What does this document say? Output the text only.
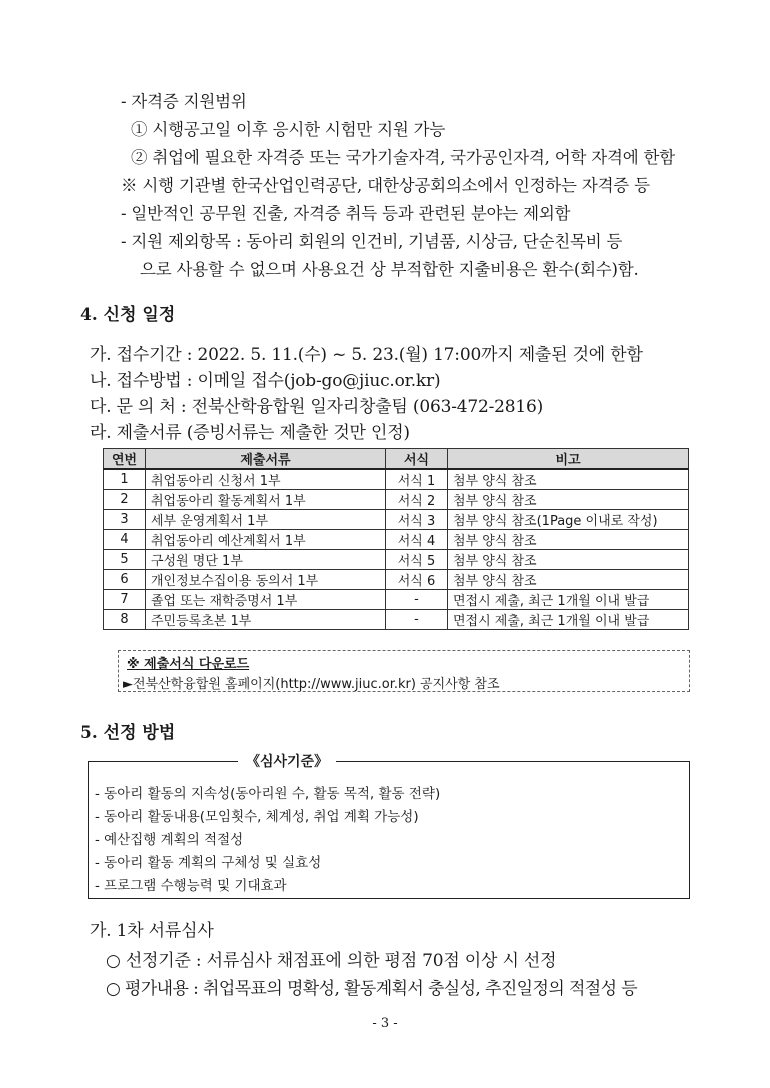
- 자격증 지원범위
① 시행공고일 이후 응시한 시험만 지원 가능
② 취업에 필요한 자격증 또는 국가기술자격, 국가공인자격, 어학 자격에 한함
※ 시행 기관별 한국산업인력공단, 대한상공회의소에서 인정하는 자격증 등
- 일반적인 공무원 진출, 자격증 취득 등과 관련된 분야는 제외함
- 지원 제외항목 : 동아리 회원의 인건비, 기념품, 시상금, 단순친목비 등
으로 사용할 수 없으며 사용요건 상 부적합한 지출비용은 환수(회수)함.
4. 신청 일정
가. 접수기간 : 2022. 5. 11.(수) ~ 5. 23.(월) 17:00까지 제출된 것에 한함
나. 접수방법 : 이메일 접수(job-go@jiuc.or.kr)
다. 문 의 처 : 전북산학융합원 일자리창출팀 (063-472-2816)
라. 제출서류 (증빙서류는 제출한 것만 인정)
연번	제출서류	서식	비고
1	취업동아리 신청서 1부	서식 1	첨부 양식 참조
2	취업동아리 활동계획서 1부	서식 2	첨부 양식 참조
3	세부 운영계획서 1부	서식 3	첨부 양식 참조(1Page 이내로 작성)
4	취업동아리 예산계획서 1부	서식 4	첨부 양식 참조
5	구성원 명단 1부	서식 5	첨부 양식 참조
6	개인정보수집이용 동의서 1부	서식 6	첨부 양식 참조
7	졸업 또는 재학증명서 1부	-	면접시 제출, 최근 1개월 이내 발급
8	주민등록초본 1부	-	면접시 제출, 최근 1개월 이내 발급
※ 제출서식 다운로드
►전북산학융합원 홈페이지(http://www.jiuc.or.kr) 공지사항 참조
5. 선정 방법
- 동아리 활동의 지속성(동아리원 수, 활동 목적, 활동 전략)
- 동아리 활동내용(모임횟수, 체계성, 취업 계획 가능성)
- 예산집행 계획의 적절성
- 동아리 활동 계획의 구체성 및 실효성
- 프로그램 수행능력 및 기대효과
《심사기준》
가. 1차 서류심사
○ 선정기준 : 서류심사 채점표에 의한 평점 70점 이상 시 선정
○ 평가내용 : 취업목표의 명확성, 활동계획서 충실성, 추진일정의 적절성 등
- 3 -
